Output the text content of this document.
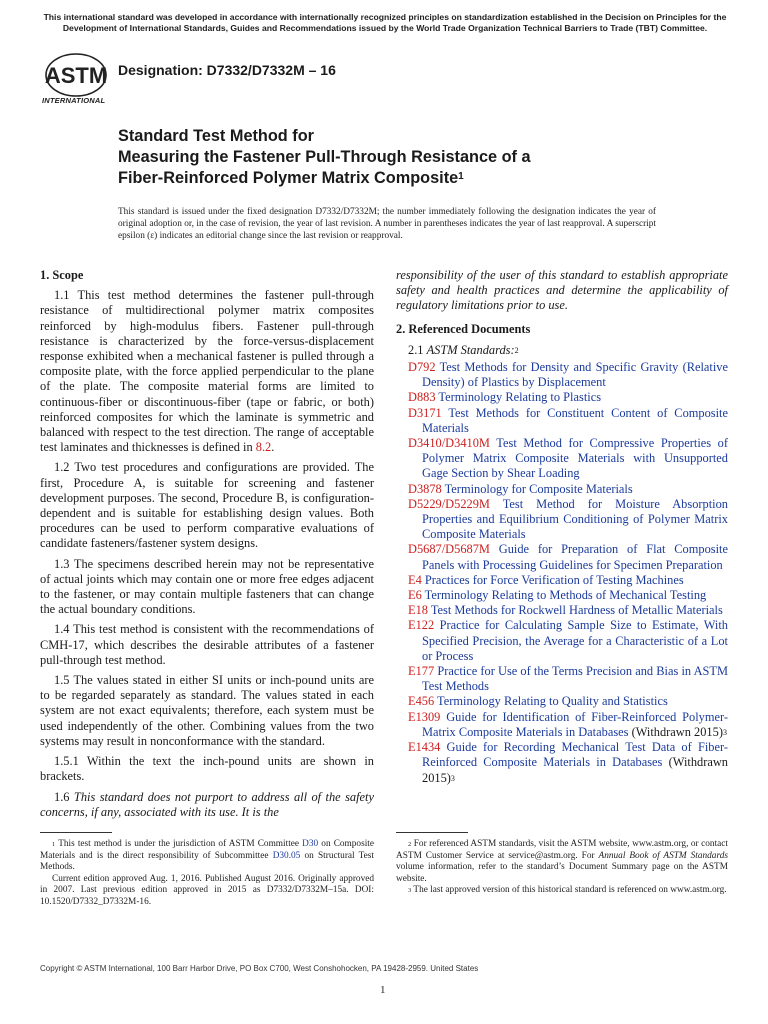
This international standard was developed in accordance with internationally recognized principles on standardization established in the Decision on Principles for the Development of International Standards, Guides and Recommendations issued by the World Trade Organization Technical Barriers to Trade (TBT) Committee.
ASTM
INTERNATIONAL
Designation: D7332/D7332M – 16
Standard Test Method for
Measuring the Fastener Pull-Through Resistance of a
Fiber-Reinforced Polymer Matrix Composite$^1$
This standard is issued under the fixed designation D7332/D7332M; the number immediately following the designation indicates the year of original adoption or, in the case of revision, the year of last revision. A number in parentheses indicates the year of last reapproval. A superscript epsilon (ε) indicates an editorial change since the last revision or reapproval.
1. Scope

1.1 This test method determines the fastener pull-through resistance of multidirectional polymer matrix composites reinforced by high-modulus fibers. Fastener pull-through resistance is characterized by the force-versus-displacement response exhibited when a mechanical fastener is pulled through a composite plate, with the force applied perpendicular to the plane of the plate. The composite material forms are limited to continuous-fiber or discontinuous-fiber (tape or fabric, or both) reinforced composites for which the laminate is symmetric and balanced with respect to the test direction. The range of acceptable test laminates and thicknesses is defined in 8.2.

1.2 Two test procedures and configurations are provided. The first, Procedure A, is suitable for screening and fastener development purposes. The second, Procedure B, is configuration-dependent and is suitable for establishing design values. Both procedures can be used to perform comparative evaluations of candidate fasteners/fastener system designs.

1.3 The specimens described herein may not be representative of actual joints which may contain one or more free edges adjacent to the fastener, or may contain multiple fasteners that can change the actual boundary conditions.

1.4 This test method is consistent with the recommendations of CMH-17, which describes the desirable attributes of a fastener pull-through test method.

1.5 The values stated in either SI units or inch-pound units are to be regarded separately as standard. The values stated in each system are not exact equivalents; therefore, each system must be used independently of the other. Combining values from the two systems may result in nonconformance with the standard.

1.5.1 Within the text the inch-pound units are shown in brackets.

1.6 This standard does not purport to address all of the safety concerns, if any, associated with its use. It is the

responsibility of the user of this standard to establish appropriate safety and health practices and determine the applicability of regulatory limitations prior to use.

2. Referenced Documents
2.1 ASTM Standards:$^2$
D792 Test Methods for Density and Specific Gravity (Relative Density) of Plastics by Displacement
D883 Terminology Relating to Plastics
D3171 Test Methods for Constituent Content of Composite Materials
D3410/D3410M Test Method for Compressive Properties of Polymer Matrix Composite Materials with Unsupported Gage Section by Shear Loading
D3878 Terminology for Composite Materials
D5229/D5229M Test Method for Moisture Absorption Properties and Equilibrium Conditioning of Polymer Matrix Composite Materials
D5687/D5687M Guide for Preparation of Flat Composite Panels with Processing Guidelines for Specimen Preparation
E4 Practices for Force Verification of Testing Machines
E6 Terminology Relating to Methods of Mechanical Testing
E18 Test Methods for Rockwell Hardness of Metallic Materials
E122 Practice for Calculating Sample Size to Estimate, With Specified Precision, the Average for a Characteristic of a Lot or Process
E177 Practice for Use of the Terms Precision and Bias in ASTM Test Methods
E456 Terminology Relating to Quality and Statistics
E1309 Guide for Identification of Fiber-Reinforced Polymer-Matrix Composite Materials in Databases (Withdrawn 2015)$^3$
E1434 Guide for Recording Mechanical Test Data of Fiber-Reinforced Composite Materials in Databases (Withdrawn 2015)$^3$

$^1$ This test method is under the jurisdiction of ASTM Committee D30 on Composite Materials and is the direct responsibility of Subcommittee D30.05 on Structural Test Methods.

Current edition approved Aug. 1, 2016. Published August 2016. Originally approved in 2007. Last previous edition approved in 2015 as D7332/D7332M–15a. DOI: 10.1520/D7332_D7332M-16.

$^2$ For referenced ASTM standards, visit the ASTM website, www.astm.org, or contact ASTM Customer Service at service@astm.org. For Annual Book of ASTM Standards volume information, refer to the standard’s Document Summary page on the ASTM website.

$^3$ The last approved version of this historical standard is referenced on www.astm.org.

Copyright © ASTM International, 100 Barr Harbor Drive, PO Box C700, West Conshohocken, PA 19428-2959. United States
1
